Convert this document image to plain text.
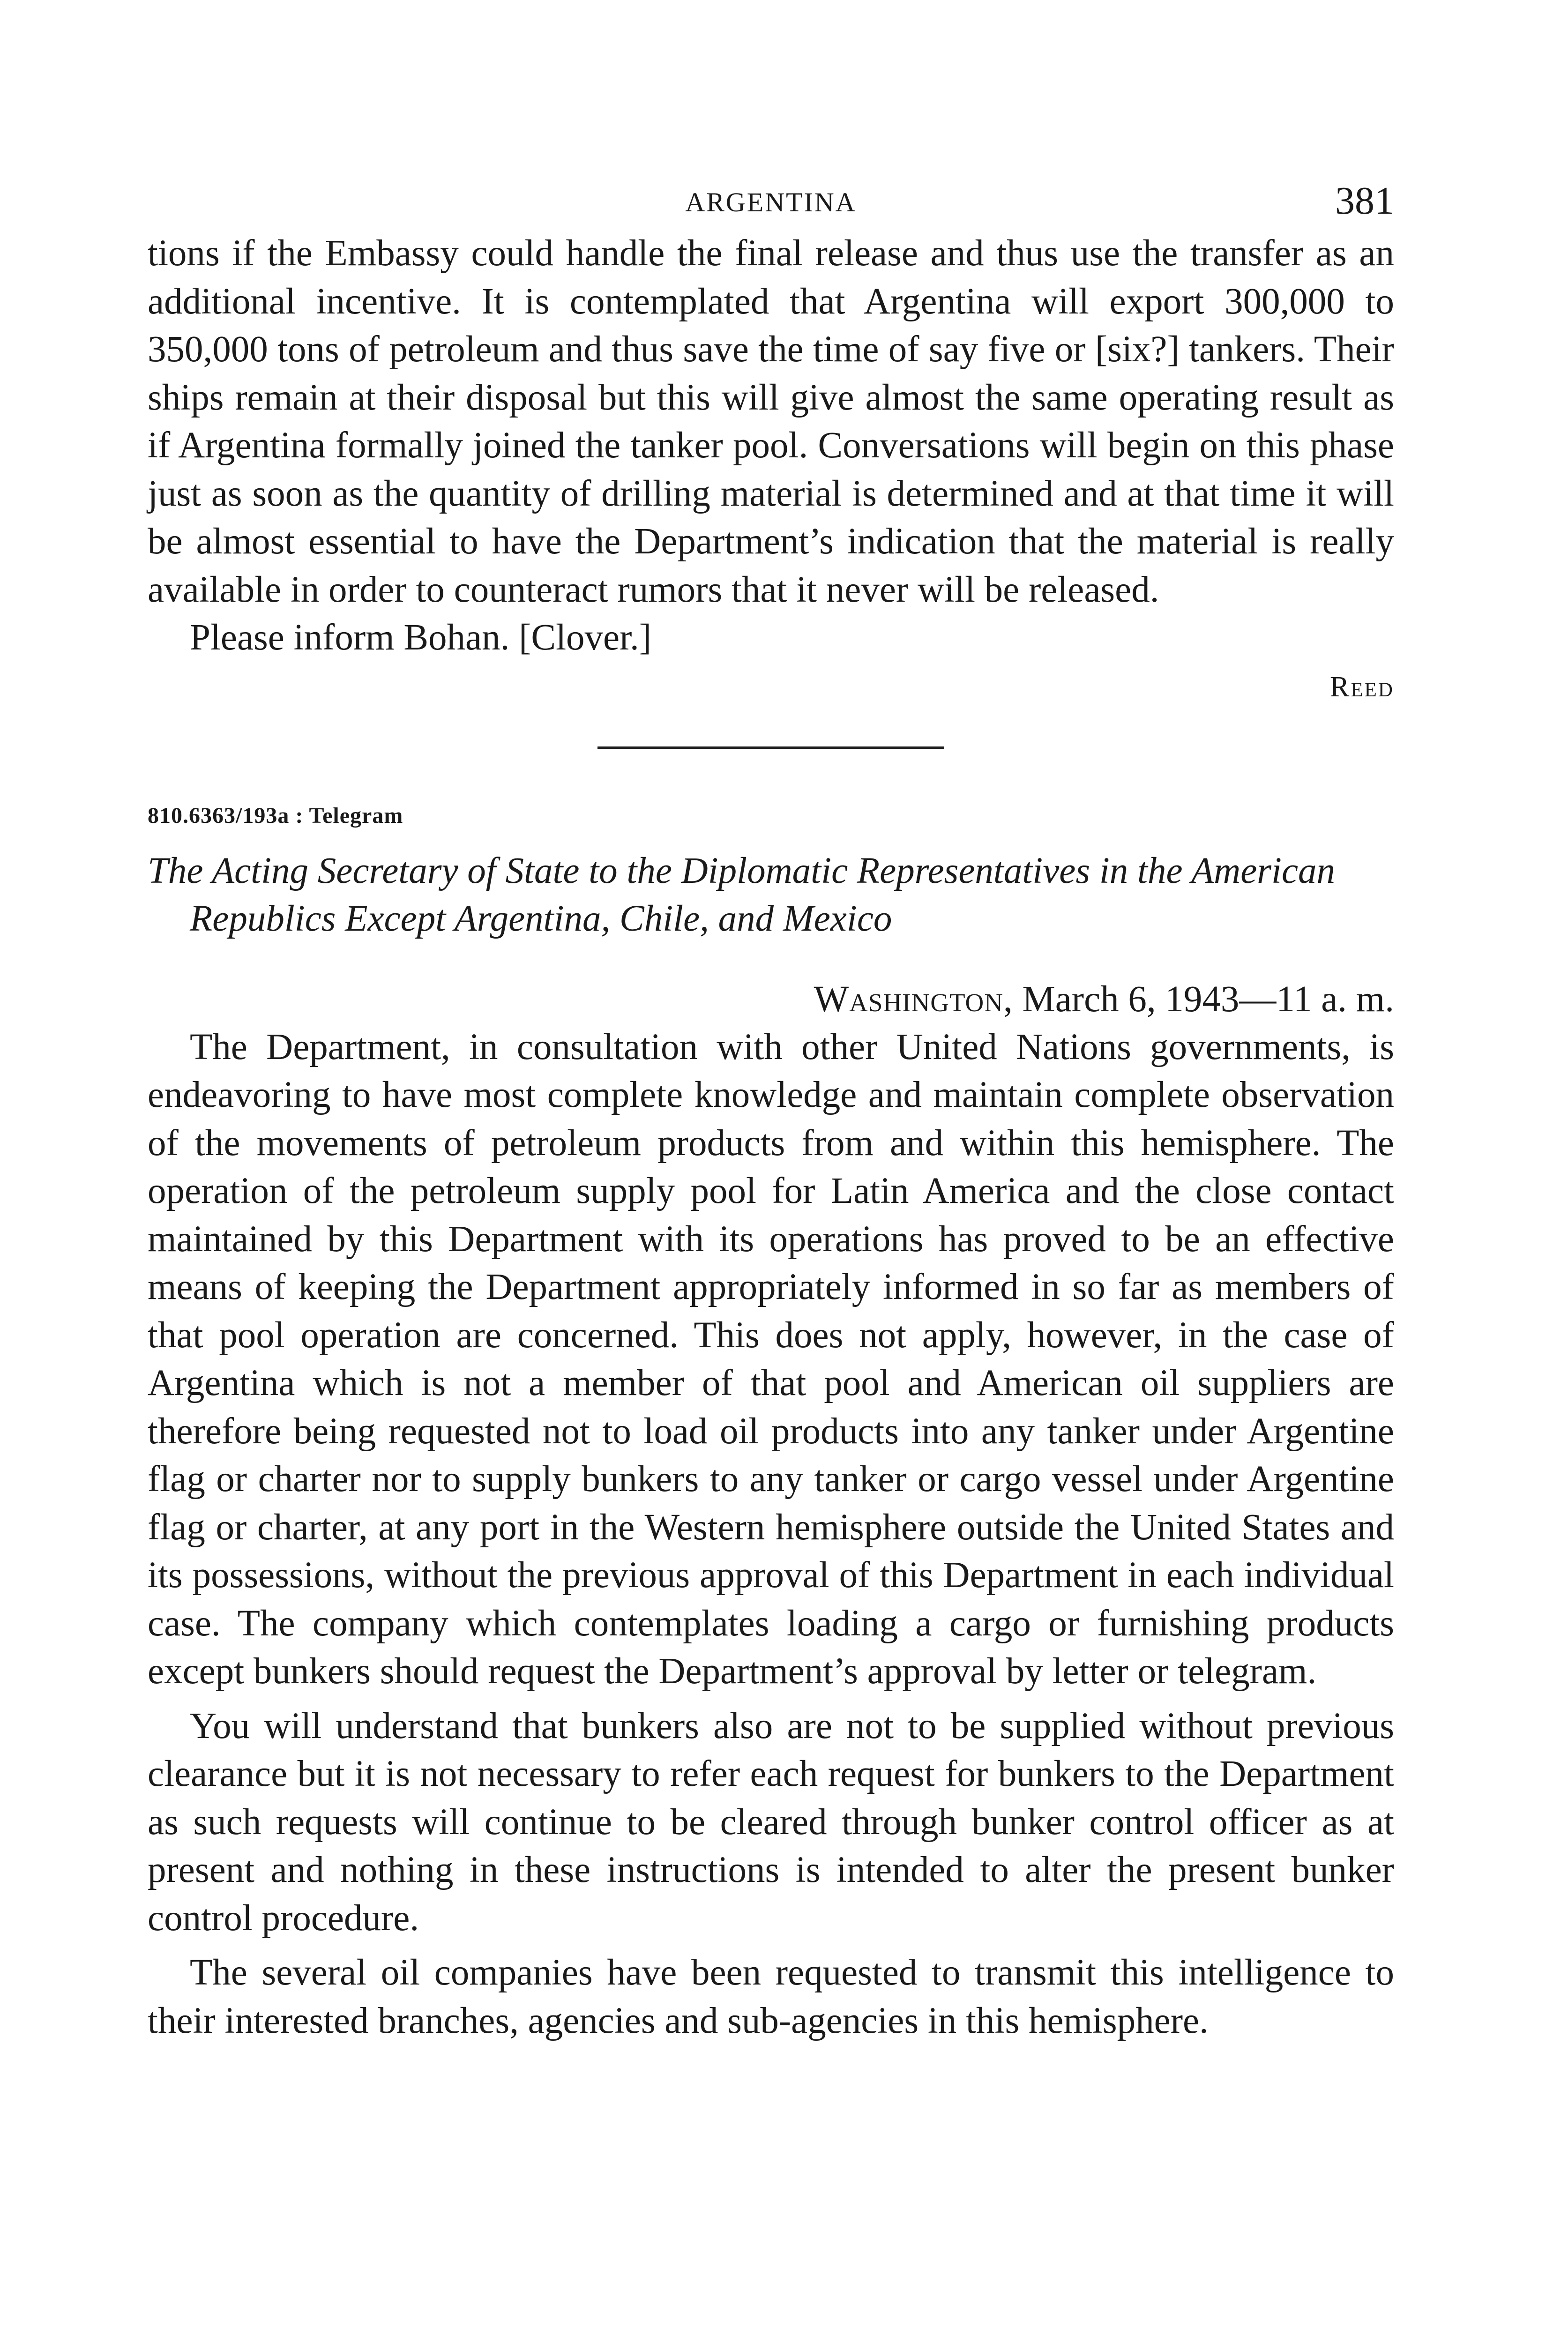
ARGENTINA	381

tions if the Embassy could handle the final release and thus use the transfer as an additional incentive. It is contemplated that Argentina will export 300,000 to 350,000 tons of petroleum and thus save the time of say five or [six?] tankers. Their ships remain at their disposal but this will give almost the same operating result as if Argentina formally joined the tanker pool. Conversations will begin on this phase just as soon as the quantity of drilling material is determined and at that time it will be almost essential to have the Department’s indication that the material is really available in order to counteract rumors that it never will be released.

Please inform Bohan. [Clover.]

Reed
810.6363/193a : Telegram
The Acting Secretary of State to the Diplomatic Representatives in the American Republics Except Argentina, Chile, and Mexico
Washington, March 6, 1943—11 a. m.

The Department, in consultation with other United Nations governments, is endeavoring to have most complete knowledge and maintain complete observation of the movements of petroleum products from and within this hemisphere. The operation of the petroleum supply pool for Latin America and the close contact maintained by this Department with its operations has proved to be an effective means of keeping the Department appropriately informed in so far as members of that pool operation are concerned. This does not apply, however, in the case of Argentina which is not a member of that pool and American oil suppliers are therefore being requested not to load oil products into any tanker under Argentine flag or charter nor to supply bunkers to any tanker or cargo vessel under Argentine flag or charter, at any port in the Western hemisphere outside the United States and its possessions, without the previous approval of this Department in each individual case. The company which contemplates loading a cargo or furnishing products except bunkers should request the Department’s approval by letter or telegram.

You will understand that bunkers also are not to be supplied without previous clearance but it is not necessary to refer each request for bunkers to the Department as such requests will continue to be cleared through bunker control officer as at present and nothing in these instructions is intended to alter the present bunker control procedure.

The several oil companies have been requested to transmit this intelligence to their interested branches, agencies and sub-agencies in this hemisphere.
